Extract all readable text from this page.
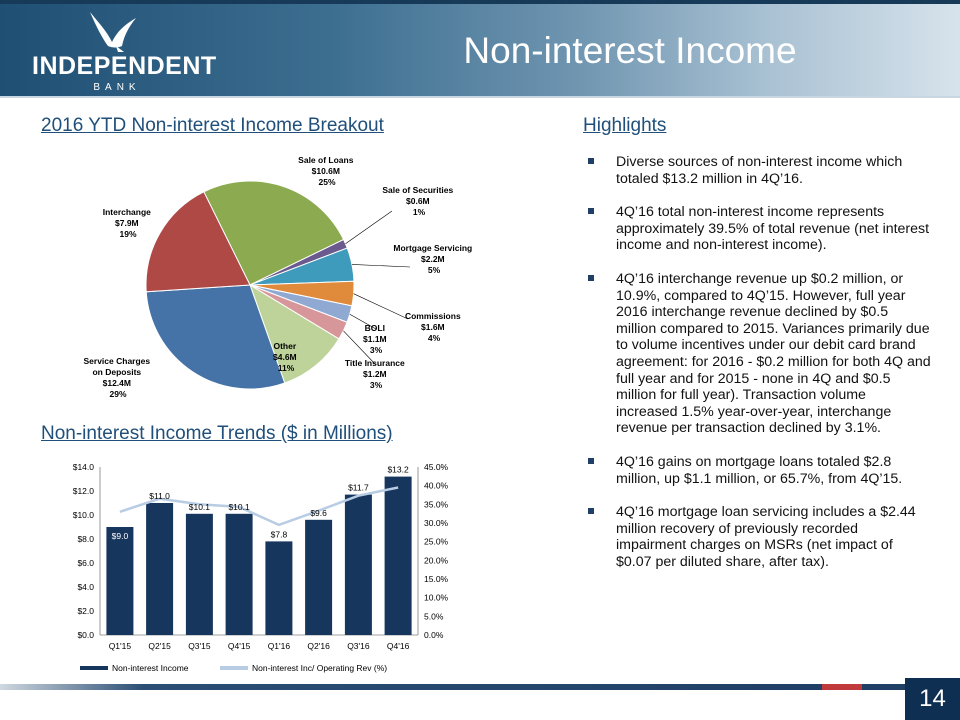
INDEPENDENT
BANK
Non-interest Income
2016 YTD Non-interest Income Breakout
Non-interest Income Trends ($ in Millions)
Highlights
Sale of Loans $10.6M 25%
Sale of Securities $0.6M 1%
Mortgage Servicing $2.2M 5%
Commissions $1.6M 4%
BOLI $1.1M 3%
Title Insurance $1.2M 3%
Other $4.6M 11%
Service Charges on Deposits $12.4M 29%
Interchange $7.9M 19%
$9.0
$11.0
$10.1 $10.1
$7.8
$9.6
$11.7
$13.2
$0.0
$2.0
$4.0
$6.0
$8.0
$10.0
$12.0
$14.0
0.0%
5.0%
10.0%
15.0%
20.0%
25.0%
30.0%
35.0%
40.0%
45.0%
Q1'15 Q2'15 Q3'15 Q4'15 Q1'16 Q2'16 Q3'16 Q4'16
Non-interest Income	Non-interest Inc/ Operating Rev (%)
Diverse sources of non-interest income which totaled $13.2 million in 4Q’16.
4Q’16 total non-interest income represents approximately 39.5% of total revenue (net interest income and non-interest income).
4Q’16 interchange revenue up $0.2 million, or 10.9%, compared to 4Q’15. However, full year 2016 interchange revenue declined by $0.5 million compared to 2015. Variances primarily due to volume incentives under our debit card brand agreement: for 2016 - $0.2 million for both 4Q and full year and for 2015 - none in 4Q and $0.5 million for full year). Transaction volume increased 1.5% year-over-year, interchange revenue per transaction declined by 3.1%.
4Q’16 gains on mortgage loans totaled $2.8 million, up $1.1 million, or 65.7%, from 4Q’15.
4Q’16 mortgage loan servicing includes a $2.44 million recovery of previously recorded impairment charges on MSRs (net impact of $0.07 per diluted share, after tax).
14
